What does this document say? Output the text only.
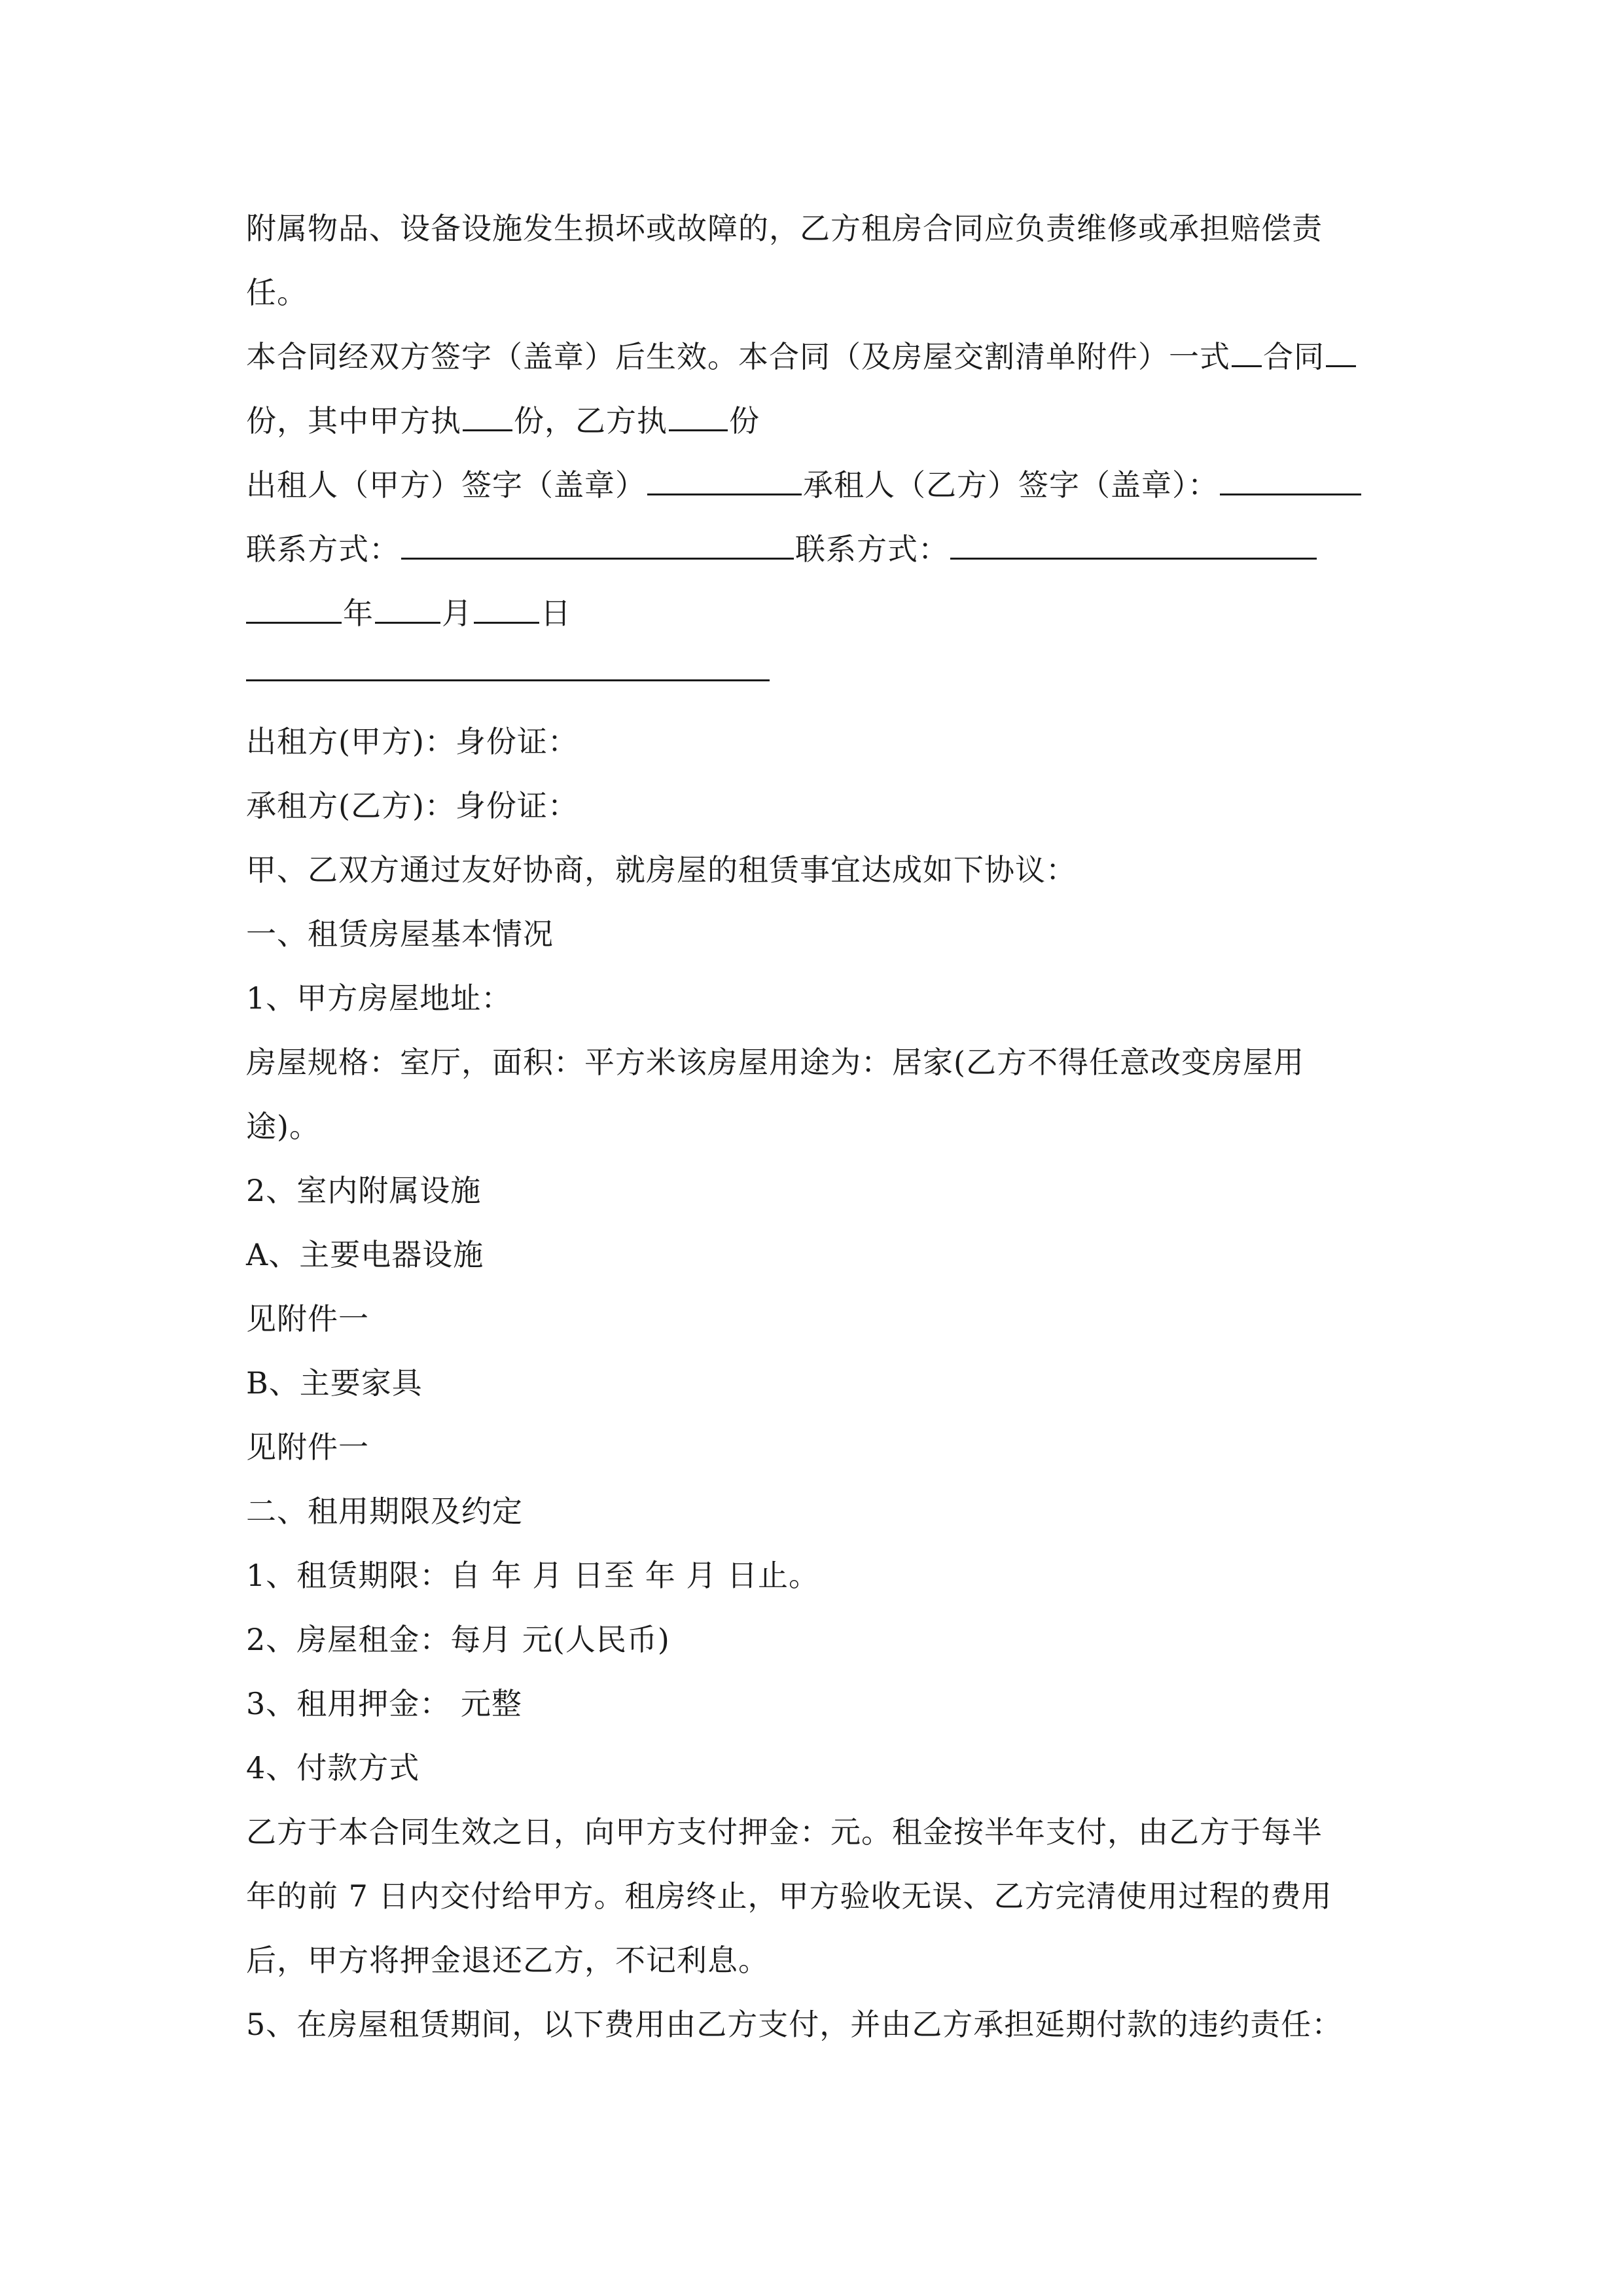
附属物品、设备设施发生损坏或故障的，乙方租房合同应负责维修或承担赔偿责
任。
本合同经双方签字（盖章）后生效。本合同（及房屋交割清单附件）一式 合同
份，其中甲方执 份，乙方执 份
出租人（甲方）签字（盖章）	承租人（乙方）签字（盖章）：
联系方式：	联系方式：
年 月 日
出租方(甲方)：身份证：
承租方(乙方)：身份证：
甲、乙双方通过友好协商，就房屋的租赁事宜达成如下协议：
一、租赁房屋基本情况
1、甲方房屋地址：
房屋规格：室厅，面积：平方米该房屋用途为：居家(乙方不得任意改变房屋用
途)。
2、室内附属设施
A、主要电器设施
见附件一
B、主要家具
见附件一
二、租用期限及约定
1、租赁期限：自 年 月 日至 年 月 日止。
2、房屋租金：每月 元(人民币)
3、租用押金： 元整
4、付款方式
乙方于本合同生效之日，向甲方支付押金：元。租金按半年支付，由乙方于每半
年的前 7 日内交付给甲方。租房终止，甲方验收无误、乙方完清使用过程的费用
后，甲方将押金退还乙方，不记利息。
5、在房屋租赁期间，以下费用由乙方支付，并由乙方承担延期付款的违约责任：
